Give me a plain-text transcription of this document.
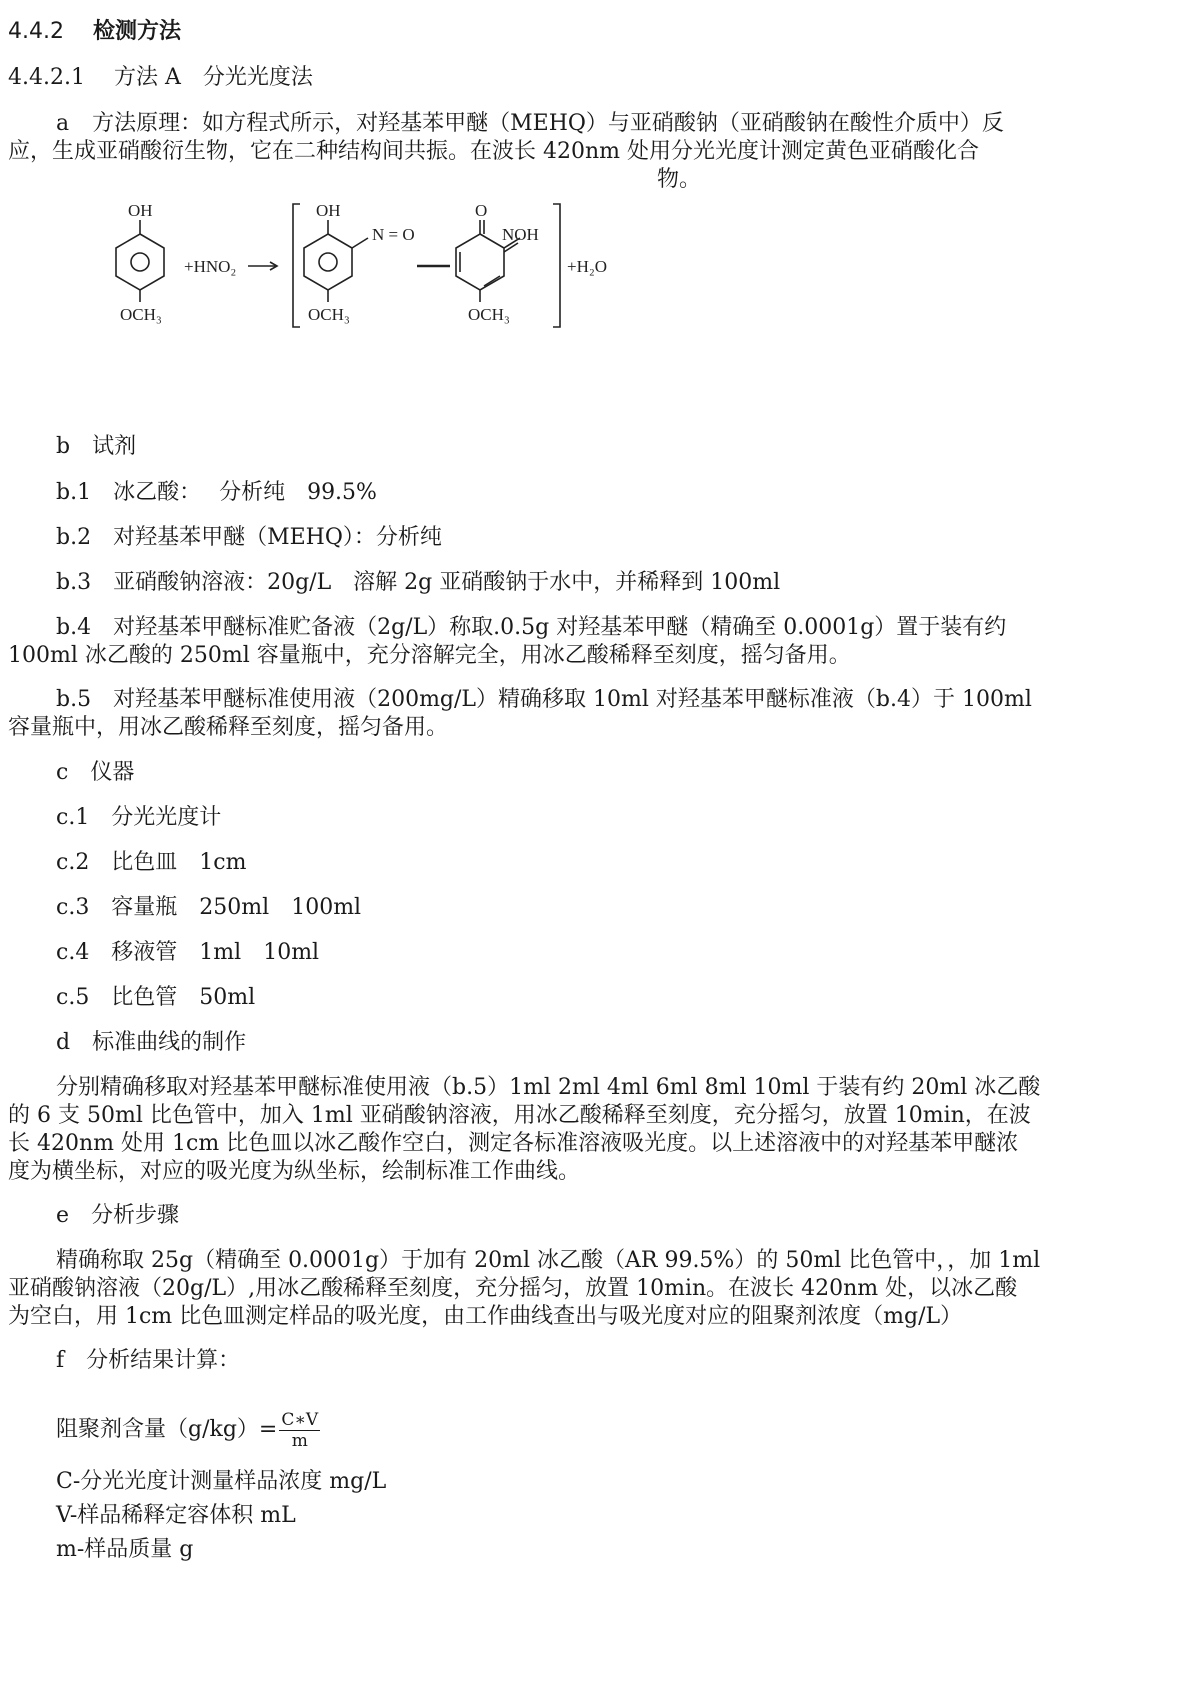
4.4.2 检测方法
4.4.2.1 方法 A　分光光度法
a 方法原理：如方程式所示，对羟基苯甲醚（MEHQ）与亚硝酸钠（亚硝酸钠在酸性介质中）反
应，生成亚硝酸衍生物，它在二种结构间共振。在波长 420nm 处用分光光度计测定黄色亚硝酸化合
物。
OH
OCH₃
+HNO₂
OH
N = O
OCH₃
O
NOH
OCH₃
+H₂O
b　试剂
b.1　冰乙酸：　 分析纯　99.5%
b.2　对羟基苯甲醚（MEHQ）：分析纯
b.3　亚硝酸钠溶液：20g/L　溶解 2g 亚硝酸钠于水中，并稀释到 100ml
b.4　对羟基苯甲醚标准贮备液（2g/L）称取.0.5g 对羟基苯甲醚（精确至 0.0001g）置于装有约
100ml 冰乙酸的 250ml 容量瓶中，充分溶解完全，用冰乙酸稀释至刻度，摇匀备用。
b.5　对羟基苯甲醚标准使用液（200mg/L）精确移取 10ml 对羟基苯甲醚标准液（b.4）于 100ml
容量瓶中，用冰乙酸稀释至刻度，摇匀备用。
c　仪器
c.1　分光光度计
c.2　比色皿　1cm
c.3　容量瓶　250ml　100ml
c.4　移液管　1ml　10ml
c.5　比色管　50ml
d　标准曲线的制作
分别精确移取对羟基苯甲醚标准使用液（b.5）1ml 2ml 4ml 6ml 8ml 10ml 于装有约 20ml 冰乙酸
的 6 支 50ml 比色管中，加入 1ml 亚硝酸钠溶液，用冰乙酸稀释至刻度，充分摇匀，放置 10min，在波
长 420nm 处用 1cm 比色皿以冰乙酸作空白，测定各标准溶液吸光度。以上述溶液中的对羟基苯甲醚浓
度为横坐标，对应的吸光度为纵坐标，绘制标准工作曲线。
e　分析步骤
精确称取 25g（精确至 0.0001g）于加有 20ml 冰乙酸（AR 99.5%）的 50ml 比色管中，，加 1ml
亚硝酸钠溶液（20g/L）,用冰乙酸稀释至刻度，充分摇匀，放置 10min。在波长 420nm 处，以冰乙酸
为空白，用 1cm 比色皿测定样品的吸光度，由工作曲线查出与吸光度对应的阻聚剂浓度（mg/L）
f　分析结果计算：
阻聚剂含量$(g/kg)= \frac{C∗V}{m}$
C-分光光度计测量样品浓度 mg/L
V-样品稀释定容体积 mL
m-样品质量 g
